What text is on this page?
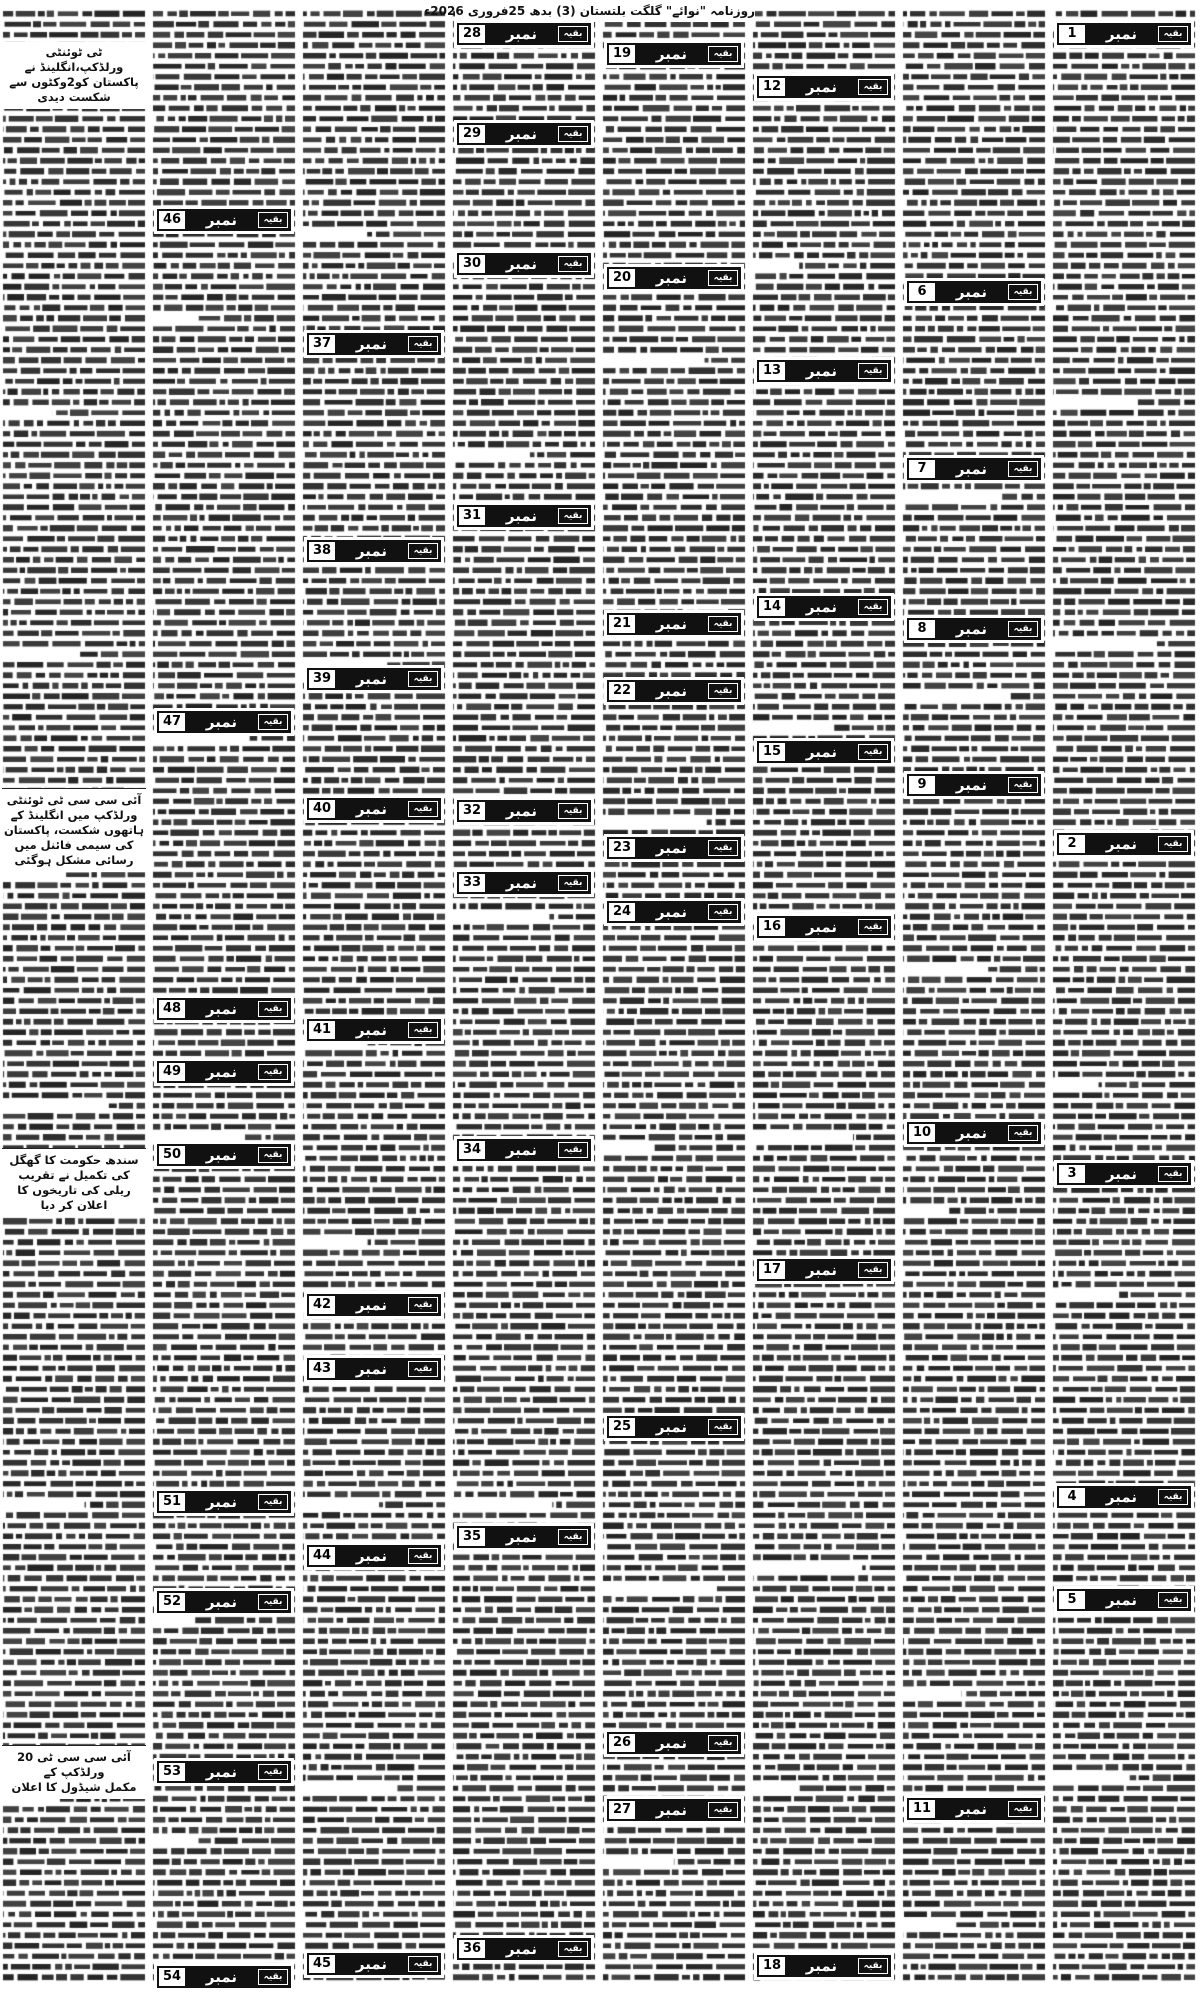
روزنامہ "نوائے" گلگت بلتستان (3) بدھ 25فروری 2026ء
بقیہ
نمبر
1
بقیہ
نمبر
2
بقیہ
نمبر
3
بقیہ
نمبر
4
بقیہ
نمبر
5
بقیہ
نمبر
6
بقیہ
نمبر
7
بقیہ
نمبر
8
بقیہ
نمبر
9
بقیہ
نمبر
10
بقیہ
نمبر
11
بقیہ
نمبر
12
بقیہ
نمبر
13
بقیہ
نمبر
14
بقیہ
نمبر
15
بقیہ
نمبر
16
بقیہ
نمبر
17
بقیہ
نمبر
18
بقیہ
نمبر
19
بقیہ
نمبر
20
بقیہ
نمبر
21
بقیہ
نمبر
22
بقیہ
نمبر
23
بقیہ
نمبر
24
بقیہ
نمبر
25
بقیہ
نمبر
26
بقیہ
نمبر
27
بقیہ
نمبر
28
بقیہ
نمبر
29
بقیہ
نمبر
30
بقیہ
نمبر
31
بقیہ
نمبر
32
بقیہ
نمبر
33
بقیہ
نمبر
34
بقیہ
نمبر
35
بقیہ
نمبر
36
بقیہ
نمبر
37
بقیہ
نمبر
38
بقیہ
نمبر
39
بقیہ
نمبر
40
بقیہ
نمبر
41
بقیہ
نمبر
42
بقیہ
نمبر
43
بقیہ
نمبر
44
بقیہ
نمبر
45
بقیہ
نمبر
46
بقیہ
نمبر
47
بقیہ
نمبر
48
بقیہ
نمبر
49
بقیہ
نمبر
50
بقیہ
نمبر
51
بقیہ
نمبر
52
بقیہ
نمبر
53
بقیہ
نمبر
54
ٹی ٹوئنٹی ورلڈکپ،انگلینڈ نے
پاکستان کو2وکٹوں سے شکست دیدی
آئی سی سی ٹی ٹوئنٹی ورلڈکپ میں انگلینڈ کے
ہاتھوں شکست، پاکستان کی سیمی فائنل میں
رسائی مشکل ہوگئی
سندھ حکومت کا گھگل کی تکمیل نے تقریب
ریلی کی تاریخوں کا اعلان کر دیا
آئی سی سی ٹی 20 ورلڈکپ کے
مکمل شیڈول کا اعلان
